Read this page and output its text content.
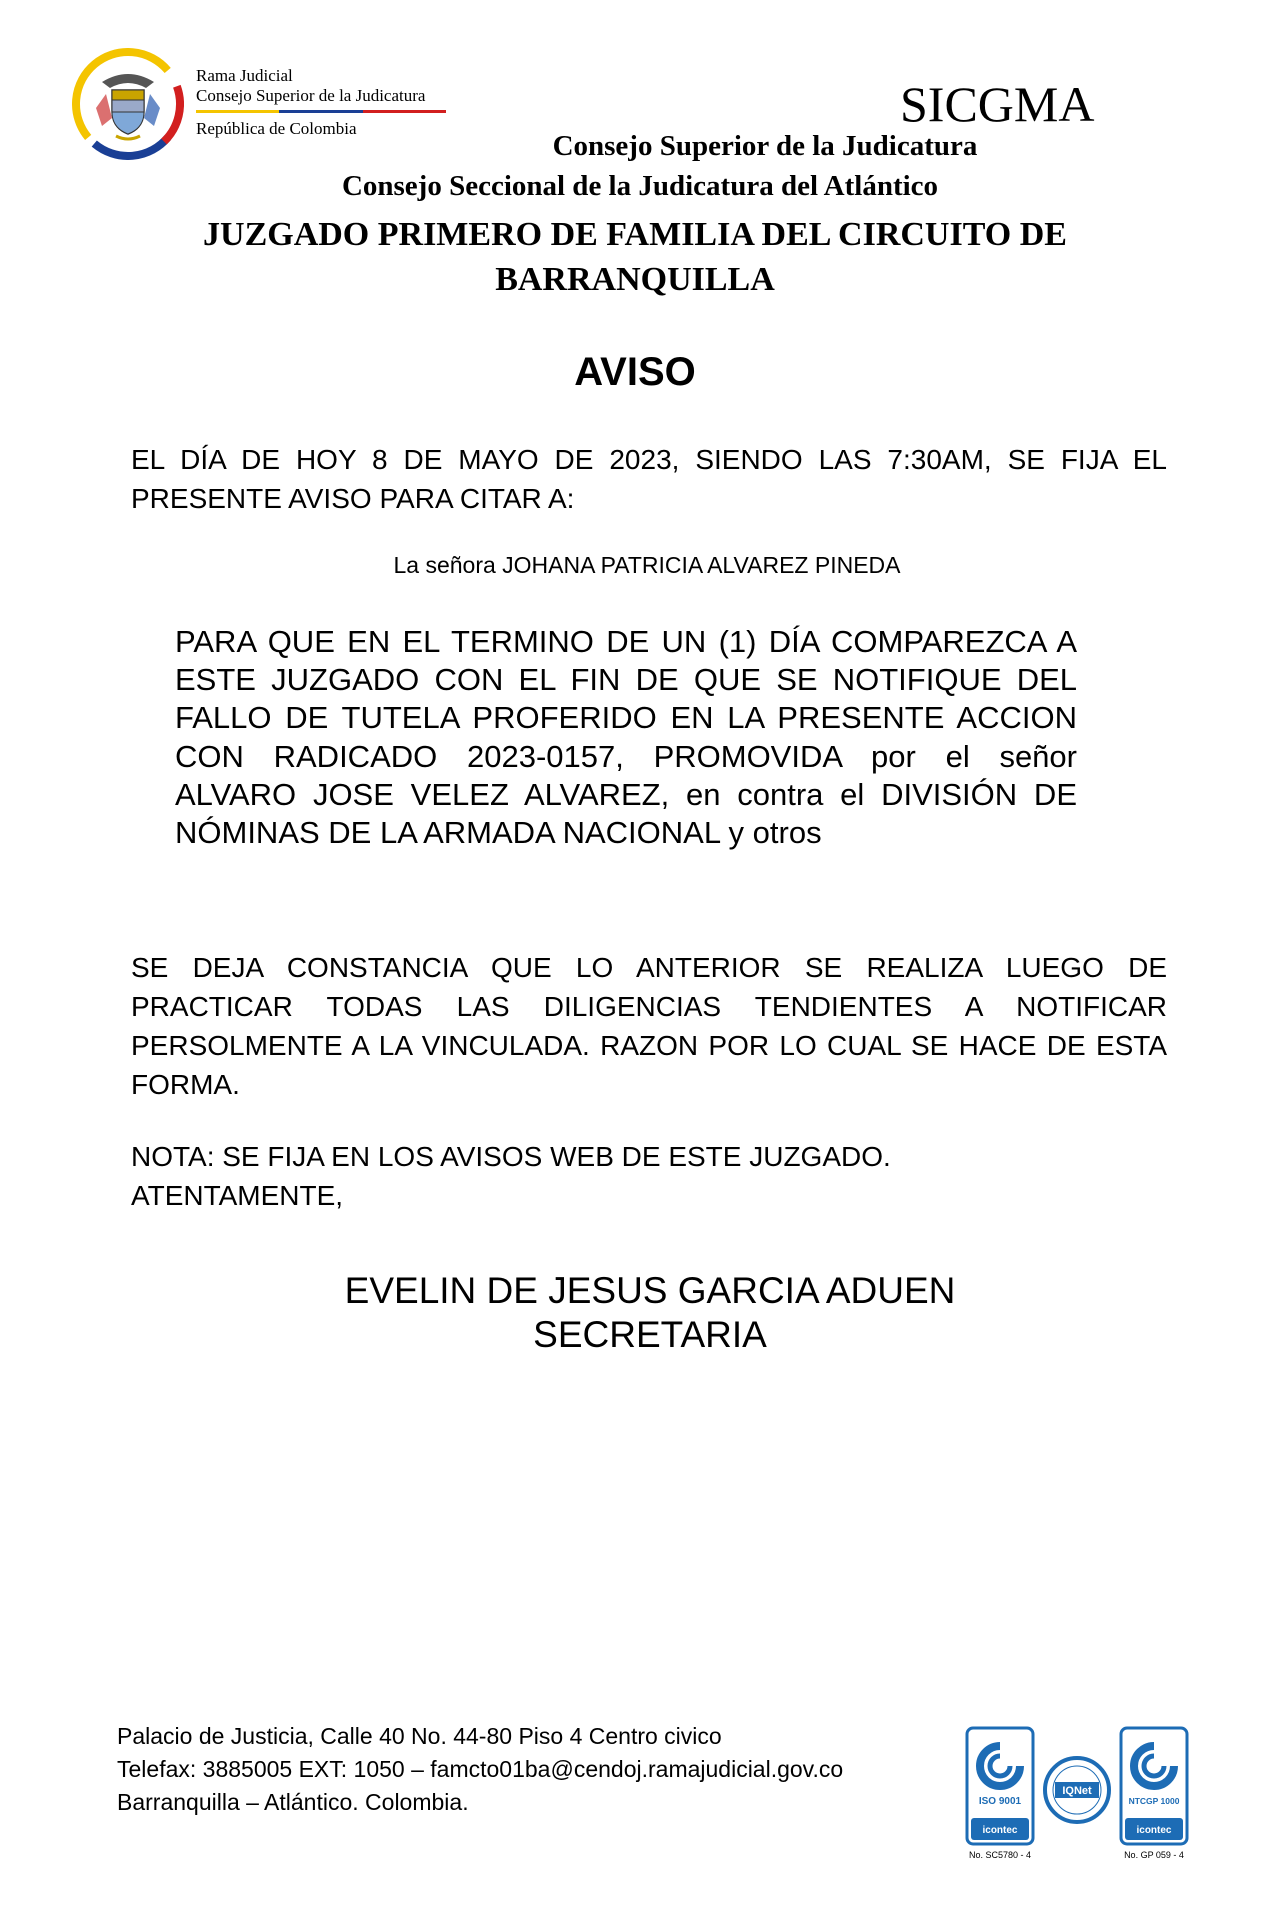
Rama Judicial
Consejo Superior de la Judicatura
República de Colombia	SICGMA
Consejo Superior de la Judicatura
Consejo Seccional de la Judicatura del Atlántico
JUZGADO PRIMERO DE FAMILIA DEL CIRCUITO DE
BARRANQUILLA
AVISO
EL DÍA DE HOY 8 DE MAYO DE 2023, SIENDO LAS 7:30AM, SE FIJA EL PRESENTE AVISO PARA CITAR A:
La señora JOHANA PATRICIA ALVAREZ PINEDA
PARA QUE EN EL TERMINO DE UN (1) DÍA COMPAREZCA A ESTE JUZGADO CON EL FIN DE QUE SE NOTIFIQUE DEL FALLO DE TUTELA PROFERIDO EN LA PRESENTE ACCION CON RADICADO 2023-0157, PROMOVIDA por el señor ALVARO JOSE VELEZ ALVAREZ, en contra el DIVISIÓN DE NÓMINAS DE LA ARMADA NACIONAL y otros
SE DEJA CONSTANCIA QUE LO ANTERIOR SE REALIZA LUEGO DE PRACTICAR TODAS LAS DILIGENCIAS TENDIENTES A NOTIFICAR PERSOLMENTE A LA VINCULADA. RAZON POR LO CUAL SE HACE DE ESTA FORMA.
NOTA: SE FIJA EN LOS AVISOS WEB DE ESTE JUZGADO.
ATENTAMENTE,
EVELIN DE JESUS GARCIA ADUEN
SECRETARIA
Palacio de Justicia, Calle 40 No. 44-80 Piso 4 Centro civico
Telefax: 3885005 EXT: 1050 – famcto01ba@cendoj.ramajudicial.gov.co
Barranquilla – Atlántico. Colombia.	ISO 9001
icontec
No. SC5780 - 4
IQNet
NTCGP 1000
icontec
No. GP 059 - 4
